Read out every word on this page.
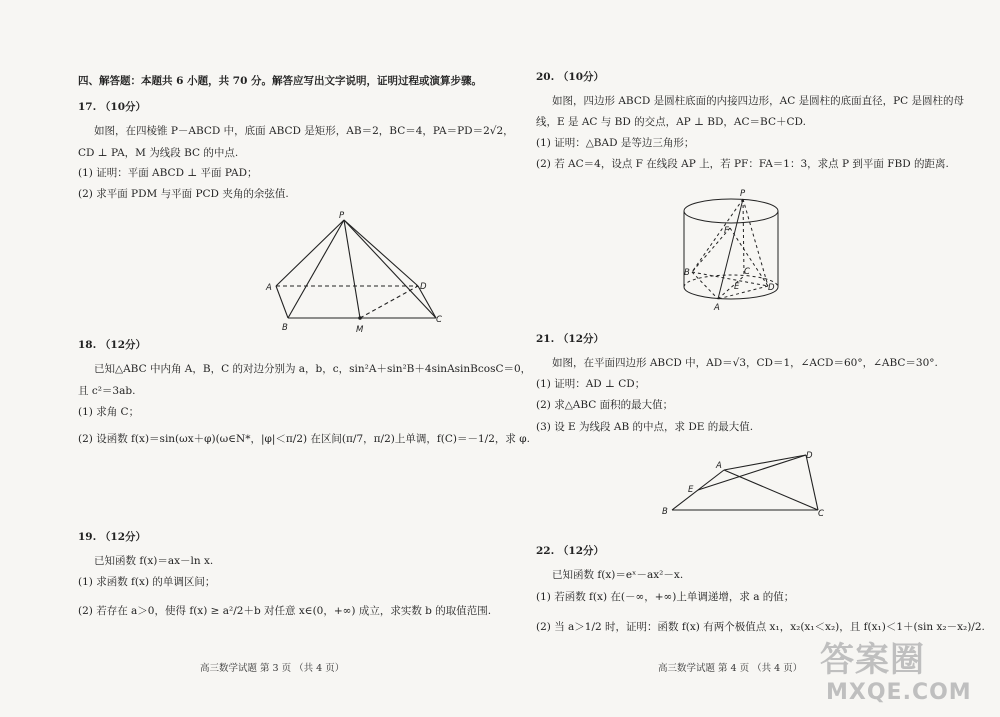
四、解答题：本题共 6 小题，共 70 分。解答应写出文字说明，证明过程或演算步骤。
17. （10分）
如图，在四棱锥 P－ABCD 中，底面 ABCD 是矩形，AB＝2，BC＝4，PA＝PD＝2√2，
CD ⊥ PA，M 为线段 BC 的中点.
(1) 证明：平面 ABCD ⊥ 平面 PAD；
(2) 求平面 PDM 与平面 PCD 夹角的余弦值.
P
A
B	M
C
D
18. （12分）
已知△ABC 中内角 A，B，C 的对边分别为 a，b，c，sin²A＋sin²B＋4sinAsinBcosC＝0，
且 c²＝3ab.
(1) 求角 C；
(2) 设函数 f(x)＝sin(ωx＋φ)(ω∈N*，|φ|＜π/2) 在区间(π/7，π/2)上单调，f(C)＝－1/2，求 φ.
19. （12分）
已知函数 f(x)＝ax－ln x.
(1) 求函数 f(x) 的单调区间；
(2) 若存在 a＞0，使得 f(x) ≥ a²/2＋b 对任意 x∈(0，+∞) 成立，求实数 b 的取值范围.
高三数学试题 第 3 页 （共 4 页）
20. （10分）
如图，四边形 ABCD 是圆柱底面的内接四边形，AC 是圆柱的底面直径，PC 是圆柱的母
线，E 是 AC 与 BD 的交点，AP ⊥ BD，AC＝BC＋CD.
(1) 证明：△BAD 是等边三角形；
(2) 若 AC＝4，设点 F 在线段 AP 上，若 PF：FA＝1：3，求点 P 到平面 FBD 的距离.
P
F
B	C
E	D
A
21. （12分）
如图，在平面四边形 ABCD 中，AD＝√3，CD＝1，∠ACD＝60°，∠ABC＝30°.
(1) 证明：AD ⊥ CD；
(2) 求△ABC 面积的最大值；
(3) 设 E 为线段 AB 的中点，求 DE 的最大值.
A
B	C
D
E
22. （12分）
已知函数 f(x)＝eˣ－ax²－x.
(1) 若函数 f(x) 在(－∞，+∞)上单调递增，求 a 的值；
(2) 当 a＞1/2 时，证明：函数 f(x) 有两个极值点 x₁，x₂(x₁＜x₂)，且 f(x₁)＜1＋(sin x₂－x₂)/2.
高三数学试题 第 4 页 （共 4 页） 答案圈
MXQE.COM
